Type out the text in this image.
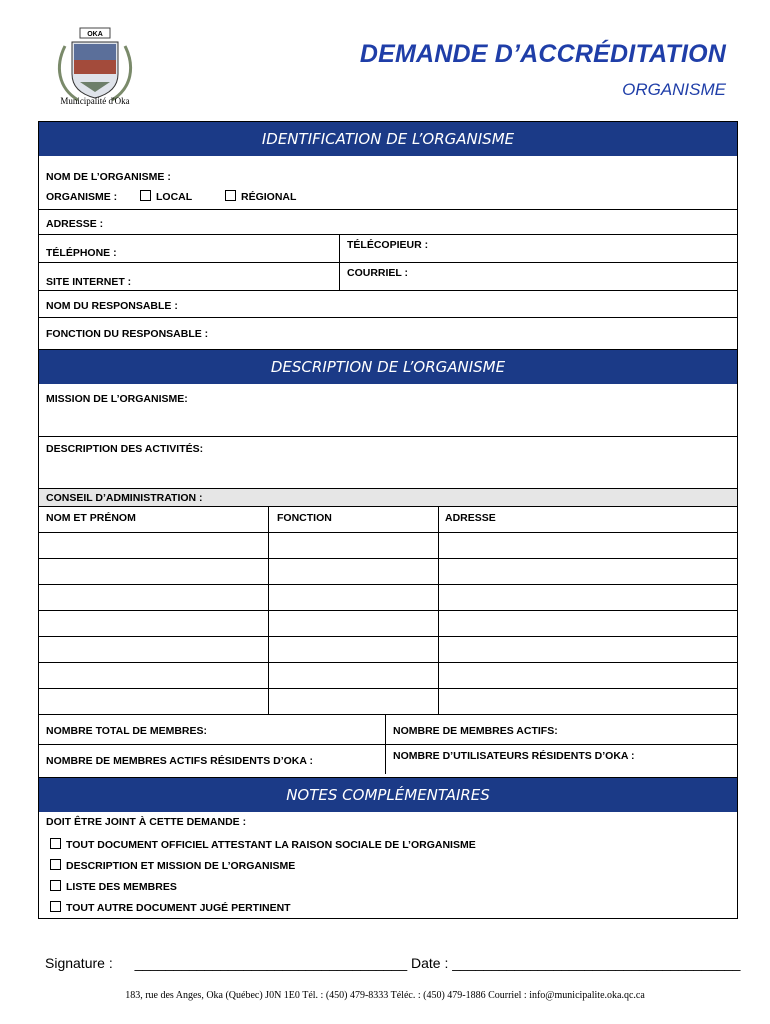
OKA
Municipalité d'Oka
DEMANDE D’ACCRÉDITATION
ORGANISME
IDENTIFICATION DE L’ORGANISME
NOM DE L’ORGANISME :
ORGANISME :	LOCAL	RÉGIONAL
ADRESSE :
TÉLÉPHONE :
TÉLÉCOPIEUR :
SITE INTERNET :
COURRIEL :
NOM DU RESPONSABLE :
FONCTION DU RESPONSABLE :
DESCRIPTION DE L’ORGANISME
MISSION DE L’ORGANISME:
DESCRIPTION DES ACTIVITÉS:
CONSEIL D’ADMINISTRATION :
NOM ET PRÉNOM	FONCTION	ADRESSE
NOMBRE TOTAL DE MEMBRES:	NOMBRE DE MEMBRES ACTIFS:
NOMBRE DE MEMBRES ACTIFS RÉSIDENTS D’OKA :	NOMBRE D’UTILISATEURS RÉSIDENTS D’OKA :
NOTES COMPLÉMENTAIRES
DOIT ÊTRE JOINT À CETTE DEMANDE :
TOUT DOCUMENT OFFICIEL ATTESTANT LA RAISON SOCIALE DE L’ORGANISME
DESCRIPTION ET MISSION DE L’ORGANISME
LISTE DES MEMBRES
TOUT AUTRE DOCUMENT JUGÉ PERTINENT
Signature : ___________________________________ Date : _____________________________________
183, rue des Anges, Oka (Québec) J0N 1E0 Tél. : (450) 479-8333 Téléc. : (450) 479-1886 Courriel : info@municipalite.oka.qc.ca
